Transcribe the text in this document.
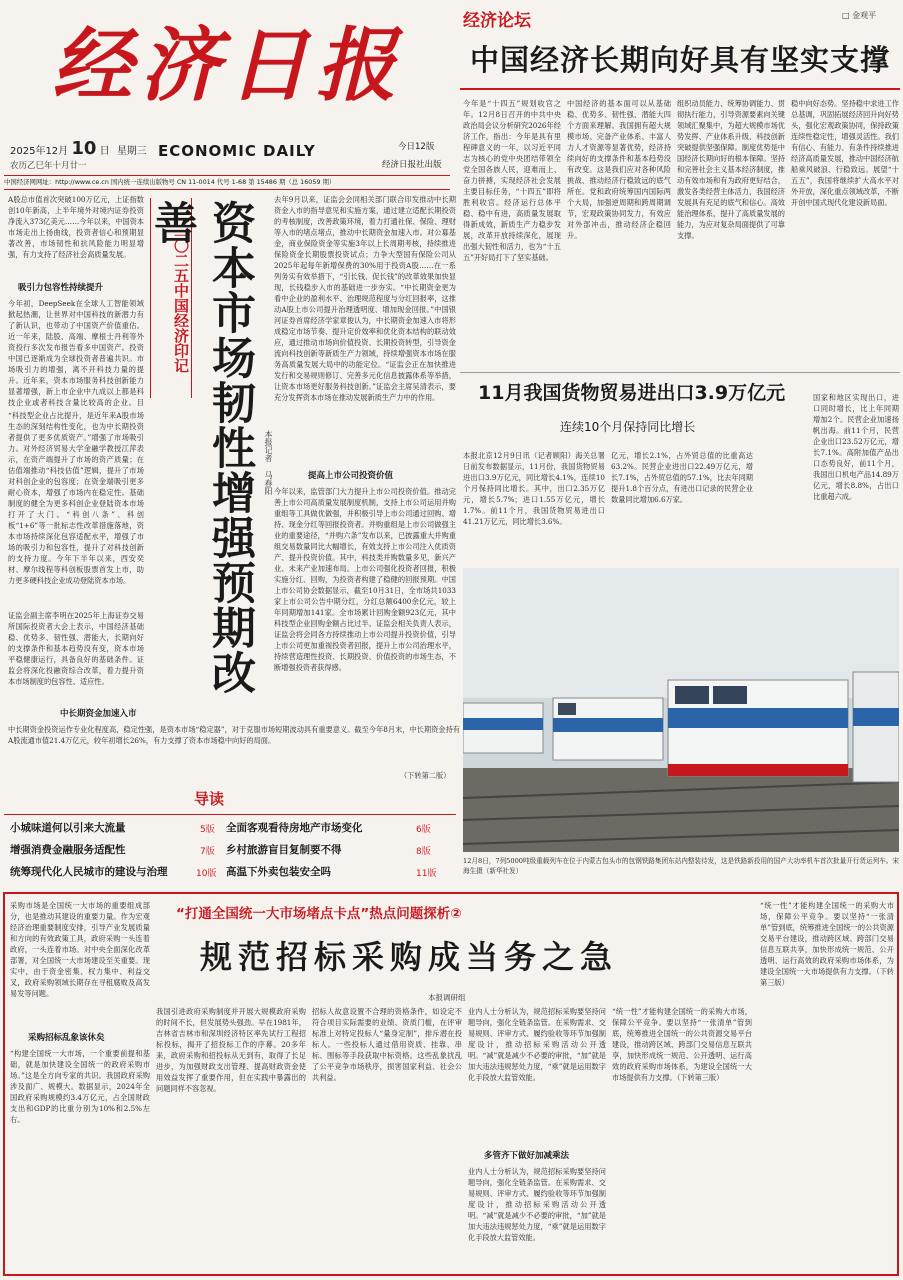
经济日报
2025年12月 10 日 星期三
农历乙巳年十月廿一
ECONOMIC DAILY	今日12版
经济日报社出版
中国经济网网址：http://www.ce.cn 国内统一连续出版物号 CN 11-0014 代号 1-68 第 15486 期（总 16059 期）
□ 金观平
经济论坛
中国经济长期向好具有坚实支撑
今年是“十四五”规划收官之年。12月8日召开的中共中央政治局会议分析研究2026年经济工作，指出：今年是具有里程碑意义的一年，以习近平同志为核心的党中央团结带领全党全国各族人民，迎难而上、奋力拼搏，实现经济社会发展主要目标任务，“十四五”即将胜利收官。经济运行总体平稳、稳中有进，高质量发展取得新成效，新质生产力稳步发展，改革开放持续深化，展现出强大韧性和活力，也为“十五五”开好局打下了坚实基础。
中国经济的基本面可以从基础稳、优势多、韧性强、潜能大四个方面来理解。我国拥有超大规模市场、完备产业体系、丰富人力人才资源等显著优势，经济持续向好的支撑条件和基本趋势没有改变。这是我们应对各种风险挑战、推动经济行稳致远的底气所在。党和政府统筹国内国际两个大局，加强逆周期和跨周期调节，宏观政策协同发力，有效应对外部冲击，推动经济企稳回升。
组织动员能力、统筹协调能力、贯彻执行能力，引导资源要素向关键领域汇聚集中，为超大规模市场优势发挥、产业体系升级、科技创新突破提供坚强保障。制度优势是中国经济长期向好的根本保障。坚持和完善社会主义基本经济制度，推动有效市场和有为政府更好结合，激发各类经营主体活力，我国经济发展具有充足的底气和信心。高效能治理体系，提升了高质量发展的能力，为应对复杂局面提供了可靠支撑。
稳中向好态势。坚持稳中求进工作总基调，巩固拓展经济回升向好势头，强化宏观政策协同，保持政策连续性稳定性，增强灵活性。我们有信心、有能力、有条件持续推进经济高质量发展，推动中国经济航船乘风破浪、行稳致远。展望“十五五”，我国将继续扩大高水平对外开放，深化重点领域改革，不断开创中国式现代化建设新局面。
A股总市值首次突破100万亿元，上证指数创10年新高，上半年境外对境内证券投资净流入373亿美元……今年以来，中国资本市场走出上扬曲线，投资者信心和预期显著改善，市场韧性和抗风险能力明显增强，有力支持了经济社会高质量发展。
吸引力包容性持续提升
今年初，DeepSeek在全球人工智能领域掀起热潮，让世界对中国科技的新潜力有了新认识，也带动了中国资产价值重估。近一年来，陆股、高端、摩根士丹利等外资投行多次发布报告看多中国资产。投资中国已逐渐成为全球投资者普遍共识。市场吸引力的增强，离不开科技力量的提升。近年来，资本市场服务科技创新能力显著增强，新上市企业中九成以上都是科技企业或者科技含量比较高的企业。目
“科技型企业占比提升，是近年来A股市场生态的深刻结构性变化，也为中长期投资者提供了更多优质资产。”增强了市场吸引力。对外经济贸易大学金融学教授江萍表示，在资产端提升了市场的资产质量；在估值端推动“科技估值”逻辑，提升了市场对科创企业的包容度；在资金端吸引更多耐心资本，增强了市场内在稳定性。基础制度的健全为更多科创企业登陆资本市场打开了大门。“科创八条”、科创板“1+6”等一批标志性改革措施落地，资本市场持续深化包容适配水平，增强了市场的吸引力和包容性，提升了对科技创新的支持力度。今年下半年以来，西安奕材、摩尔线程等科创板股票首发上市，助力更多硬科技企业成功登陆资本市场。
证监会副主席李明在2025年上海证券交易所国际投资者大会上表示，中国经济基础稳、优势多、韧性强、潜能大，长期向好的支撑条件和基本趋势没有变，资本市场平稳健康运行，具备良好的基础条件。证监会将深化投融资综合改革，着力提升资本市场制度的包容性、适应性。
中长期资金加速入市
中长期资金投资运作专业化程度高，稳定性强，是资本市场“稳定器”，对于克服市场短期波动具有重要意义。截至今年8月末，中长期资金持有A股流通市值21.4万亿元，较年初增长26%，有力支撑了资本市场稳中向好的局面。
二〇二五中国经济印记 资本市场韧性增强预期改善
本报记者 马春阳
去年9月以来，证监会会同相关部门联合印发推动中长期资金入市的指导意见和实施方案，通过建立适配长期投资的考核制度，改善政策环境，着力打通社保、保险、理财等入市的堵点堵点，推动中长期资金加速入市。对公募基金，商业保险资金等实施3年以上长周期考核，持续推进保险资金长期股票投资试点；力争大型国有保险公司从2025年起每年新增保费的30%用于投资A股……在一系列务实有效举措下，“引长钱、促长钱”的改革效果加快显现，长钱稳步入市的基础进一步夯实。“中长期资金更为看中企业的盈利水平、治理规范程度与分红回报率，这推动A股上市公司提升治理透明度、增加现金回报。”中国银河证券首席经济学家章俊认为，中长期资金加速入市将形成稳定市场节奏、提升定价效率和优化资本结构的联动效应，通过推动市场向价值投资、长期投资转型，引导资金流向科技创新等新质生产力领域，持续增强资本市场在服务高质量发展大局中的功能定位。“证监会正在加快推进发行和交易规则修订、完善多元化信息披露体系等举措，让资本市场更好服务科技创新。”证监会主席吴清表示，要充分发挥资本市场在推动发展新质生产力中的作用。
提高上市公司投资价值
今年以来，监管部门大力提升上市公司投资价值。推动完善上市公司高质量发展制度机制，支持上市公司运用并购重组等工具做优做强，并积极引导上市公司通过回购、增持、现金分红等回报投资者。并购重组是上市公司做强主业的重要途径，“并购六条”发布以来，已披露重大并购重组交易数量同比大幅增长，有效支持上市公司注入优质资产、提升投资价值。其中，科技类并购数量多见，新兴产业、未来产业加速布局。上市公司强化投资者回报，积极实施分红、回购，为投资者构建了稳健的回报预期。中国上市公司协会数据显示，截至10月31日，全市场共1033家上市公司公告中期分红，分红总额6400余亿元，较上年同期增加141家。全市场累计回购金额923亿元，其中科技型企业回购金额占比过半。证监会相关负责人表示，证监会将会同各方持续推动上市公司提升投资价值，引导上市公司更加重视投资者回报，提升上市公司治理水平，持续营造理性投资、长期投资、价值投资的市场生态，不断增强投资者获得感。
（下转第二版）
11月我国货物贸易进出口3.9万亿元
连续10个月保持同比增长
本报北京12月9日讯（记者顾阳）海关总署日前发布数据显示，11月份，我国货物贸易进出口3.9万亿元，同比增长4.1%，连续10个月保持同比增长。其中，出口2.35万亿元，增长5.7%；进口1.55万亿元，增长1.7%。前11个月，我国货物贸易进出口41.21万亿元，同比增长3.6%。
亿元，增长2.1%，占外贸总值的比重高达63.2%。民营企业进出口22.49万亿元，增长7.1%，占外贸总值的57.1%，比去年同期提升1.8个百分点，有进出口记录的民营企业数量同比增加6.6万家。
国家和地区实现出口，进口同时增长，比上年同期增加2个。民营企业加速扬帆出海。前11个月，民营企业出口23.52万亿元，增长7.1%。高附加值产品出口态势良好，前11个月，我国出口机电产品14.89万亿元，增长8.8%，占出口比重超六成。
12月8日，7列5000吨级重载列车在位于内蒙古包头市的包钢铁路集团东站内整装待发，这是铁路新投用的国产大功率机车首次批量开行货运列车。宋海生摄（新华社发）
导读
小城味道何以引来大流量	5版 全面客观看待房地产市场变化	6版
增强消费金融服务适配性	7版 乡村旅游盲目复制要不得	8版
统筹现代化人民城市的建设与治理	10版 高温下外卖包装安全吗	11版
采购市场是全国统一大市场的重要组成部分，也是推动其建设的重要力量。作为宏观经济治理重要制度安排，引导产业发展质量和方向的有效政策工具，政府采购一头连着政府，一头连着市场。对中央全面深化改革部署，对全国统一大市场建设至关重要。现实中，由于资金密集、权力集中、利益交叉，政府采购领域长期存在寻租腐败及高发易发等问题。
采购招标乱象该休矣
“构建全国统一大市场，一个重要前提和基础，就是加快建设全国统一的政府采购市场。”这是全方向专家的共识。我国政府采购涉及面广、规模大。数据显示，2024年全国政府采购规模约3.4万亿元，占全国财政支出和GDP的比重分别为10%和2.5%左右。
“打通全国统一大市场堵点卡点”热点问题探析②
规范招标采购成当务之急
本报调研组
我国引进政府采购制度并开展大规模政府采购的时间不长，但发展势头强劲。早在1981年，吉林省吉林市和深圳经济特区率先试行工程招标投标，揭开了招投标工作的序幕。20多年来，政府采购和招投标从无到有，取得了长足进步，为加强财政支出管理、提高财政资金使用效益发挥了重要作用，但在实践中暴露出的问题同样不容忽视。
招标人故意设置不合理的资格条件，如设定不符合项目实际需要的业绩、资质门槛，在评审标准上对特定投标人“量身定制”，排斥潜在投标人。一些投标人通过借用资质、挂靠、串标、围标等手段获取中标资格。这些乱象扰乱了公平竞争市场秩序，损害国家利益、社会公共利益。
业内人士分析认为，规范招标采购要坚持问题导向，强化全链条监管。在采购需求、交易规则、评审方式、履约验收等环节加强制度设计，推动招标采购活动公开透明。“减”就是减少不必要的审批，“加”就是加大违法违规惩处力度，“乘”就是运用数字化手段放大监管效能。
多管齐下做好加减乘法
业内人士分析认为，规范招标采购要坚持问题导向，强化全链条监管。在采购需求、交易规则、评审方式、履约验收等环节加强制度设计，推动招标采购活动公开透明。“减”就是减少不必要的审批，“加”就是加大违法违规惩处力度，“乘”就是运用数字化手段放大监管效能。
“统一性”才能构建全国统一的采购大市场，保障公平竞争。要以坚持“一张清单”管到底，统筹推进全国统一的公共资源交易平台建设，推动跨区域、跨部门交易信息互联共享，加快形成统一规范、公开透明、运行高效的政府采购市场体系，为建设全国统一大市场提供有力支撑。（下转第三版）
“统一性”才能构建全国统一的采购大市场，保障公平竞争。要以坚持“一张清单”管到底，统筹推进全国统一的公共资源交易平台建设，推动跨区域、跨部门交易信息互联共享，加快形成统一规范、公开透明、运行高效的政府采购市场体系，为建设全国统一大市场提供有力支撑。（下转第三版）
